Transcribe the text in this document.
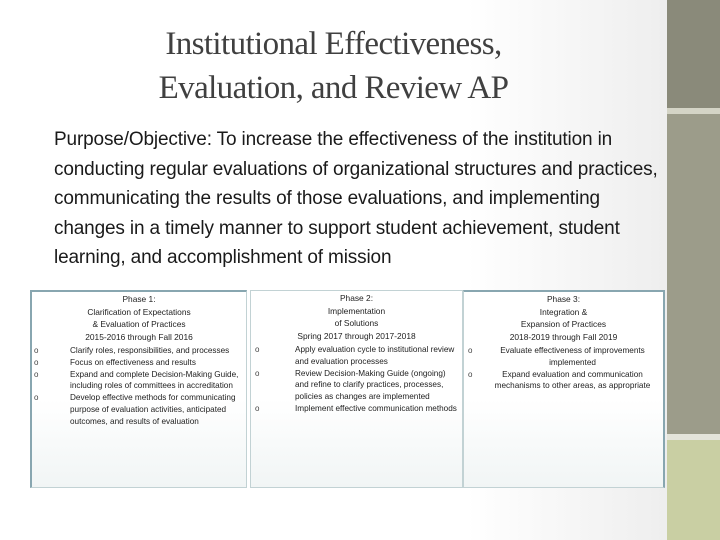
Institutional Effectiveness,
Evaluation, and Review AP
Purpose/Objective: To increase the effectiveness of the institution in conducting regular evaluations of organizational structures and practices, communicating the results of those evaluations, and implementing changes in a timely manner to support student achievement, student learning, and accomplishment of mission
Phase 1:
Clarification of Expectations
& Evaluation of Practices
2015-2016 through Fall 2016
o	Clarify roles, responsibilities, and processes
o	Focus on effectiveness and results
o	Expand and complete Decision-Making Guide, including roles of committees in accreditation
o	Develop effective methods for communicating purpose of evaluation activities, anticipated outcomes, and results of evaluation
Phase 2:
Implementation
of Solutions
Spring 2017 through 2017-2018
o	Apply evaluation cycle to institutional review and evaluation processes
o	Review Decision-Making Guide (ongoing) and refine to clarify practices, processes, policies as changes are implemented
o	Implement effective communication methods
Phase 3:
Integration &
Expansion of Practices
2018-2019 through Fall 2019
o	Evaluate effectiveness of improvements implemented
o	Expand evaluation and communication mechanisms to other areas, as appropriate
